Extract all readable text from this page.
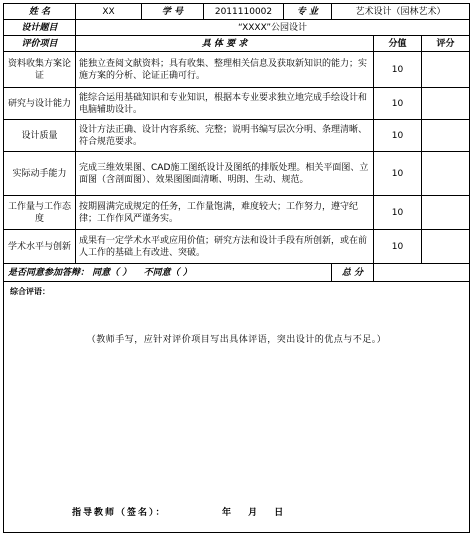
姓 名	XX	学 号	2011110002	专 业	艺术设计（园林艺术）		
设计题目	“XXXX”公园设计						
评价项目	具 体 要 求					分值	评分
资料收集方案论证	能独立查阅文献资料；具有收集、整理相关信息及获取新知识的能力；实施方案的分析、论证正确可行。					10	
研究与设计能力	能综合运用基础知识和专业知识，根据本专业要求独立地完成手绘设计和电脑辅助设计。					10	
设计质量	设计方法正确、设计内容系统、完整；说明书编写层次分明、条理清晰、符合规范要求。					10	
实际动手能力	完成三维效果图、CAD施工图纸设计及图纸的排版处理。相关平面图、立面图（含剖面图）、效果图图面清晰、明朗、生动、规范。					10	
工作量与工作态度	按期圆满完成规定的任务，工作量饱满，难度较大；工作努力，遵守纪律；工作作风严谨务实。					10	
学术水平与创新	成果有一定学术水平或应用价值；研究方法和设计手段有所创新，或在前人工作的基础上有改进、突破。					10	
是否同意参加答辩： 同意（ ） 不同意（ ）					总 分		

综合评语：
（教师手写，应针对评价项目写出具体评语，突出设计的优点与不足。）
指导教师（签名）： 年 月 日							
